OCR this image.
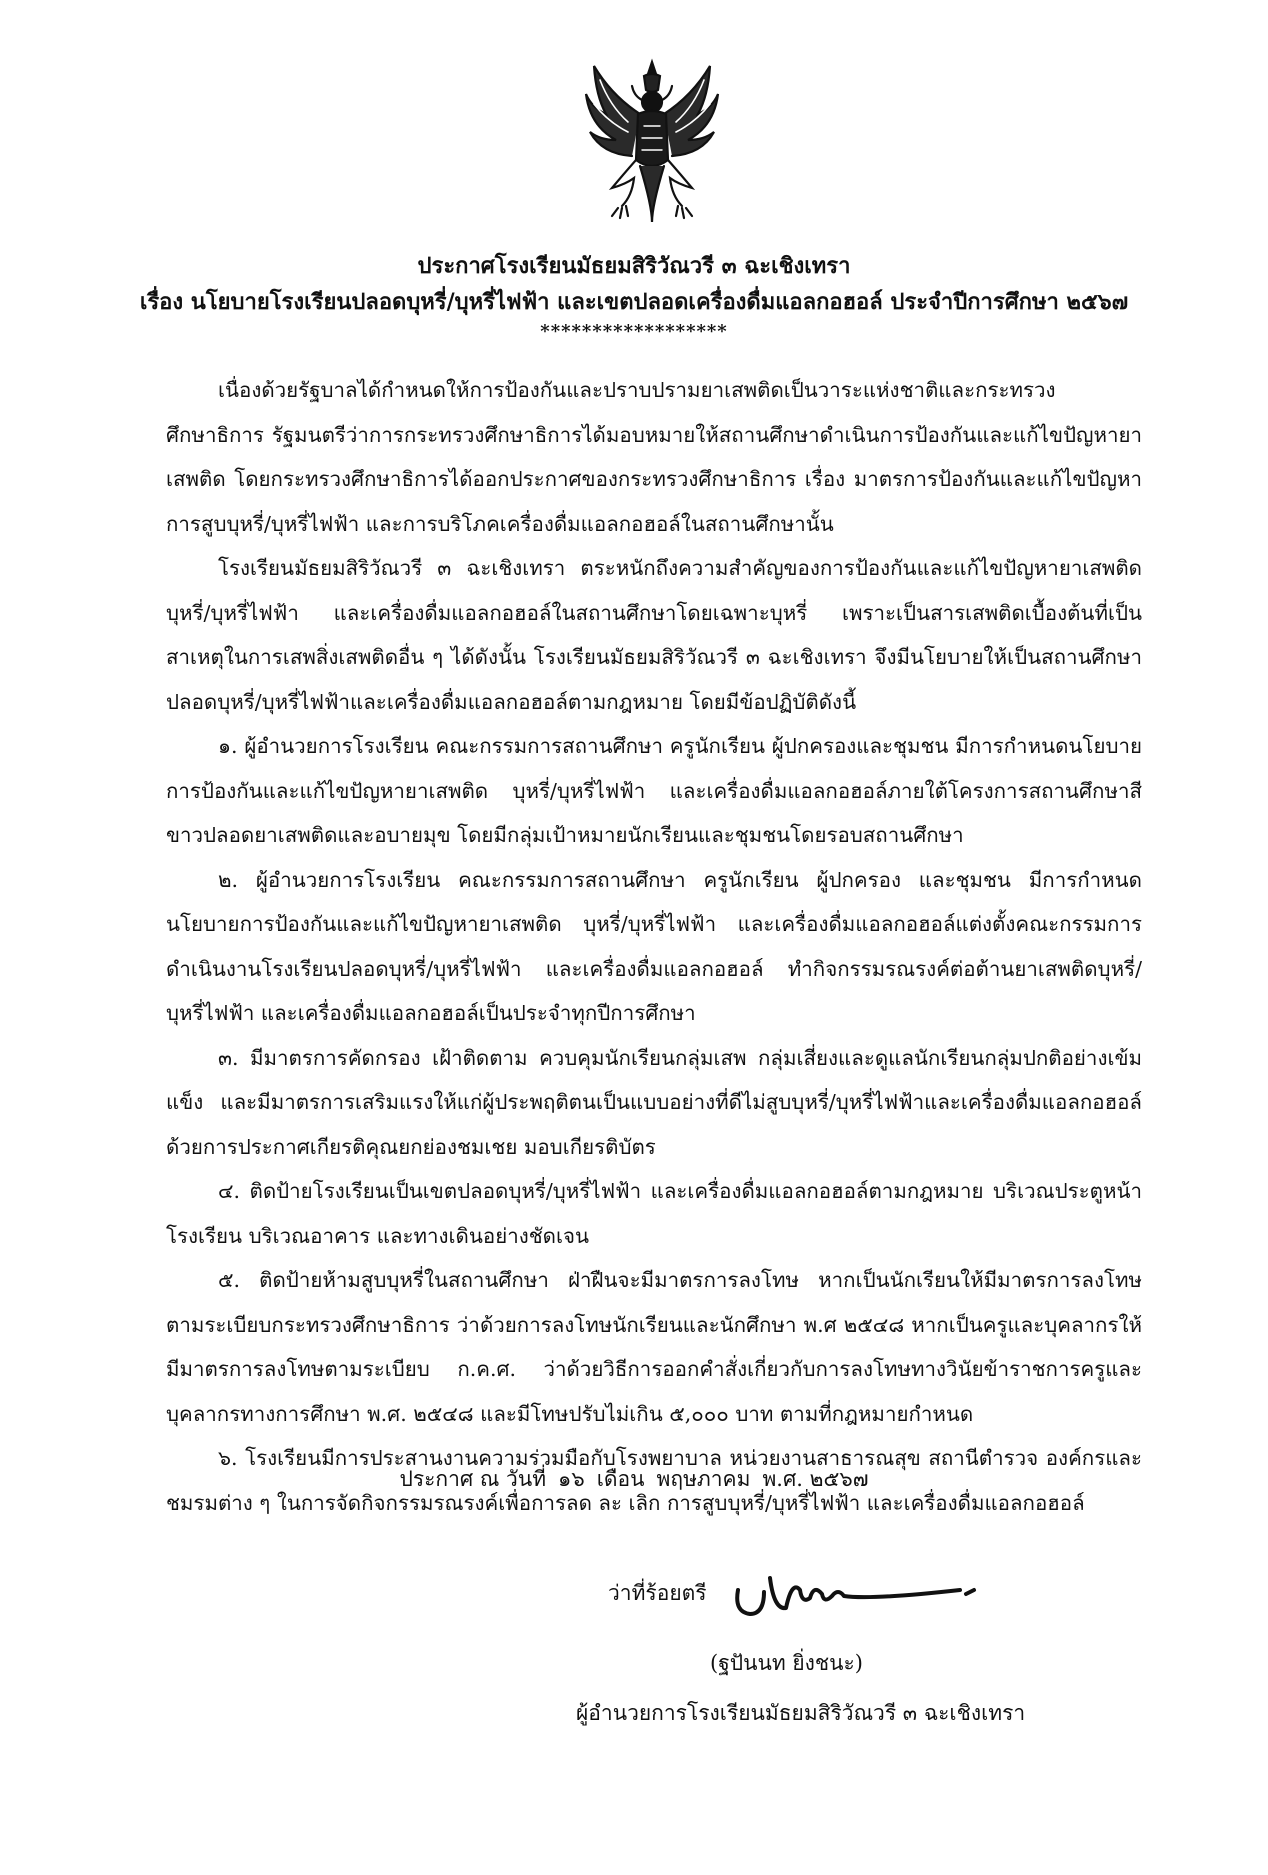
ประกาศโรงเรียนมัธยมสิริวัณวรี ๓ ฉะเชิงเทรา
เรื่อง นโยบายโรงเรียนปลอดบุหรี่/บุหรี่ไฟฟ้า และเขตปลอดเครื่องดื่มแอลกอฮอล์ ประจำปีการศึกษา ๒๕๖๗
******************

เนื่องด้วยรัฐบาลได้กำหนดให้การป้องกันและปราบปรามยาเสพติดเป็นวาระแห่งชาติและกระทรวงศึกษาธิการ รัฐมนตรีว่าการกระทรวงศึกษาธิการได้มอบหมายให้สถานศึกษาดำเนินการป้องกันและแก้ไขปัญหายาเสพติด โดยกระทรวงศึกษาธิการได้ออกประกาศของกระทรวงศึกษาธิการ เรื่อง มาตรการป้องกันและแก้ไขปัญหาการสูบบุหรี่/บุหรี่ไฟฟ้า และการบริโภคเครื่องดื่มแอลกอฮอล์ในสถานศึกษานั้น

โรงเรียนมัธยมสิริวัณวรี ๓ ฉะเชิงเทรา ตระหนักถึงความสำคัญของการป้องกันและแก้ไขปัญหายาเสพติด บุหรี่/บุหรี่ไฟฟ้า และเครื่องดื่มแอลกอฮอล์ในสถานศึกษาโดยเฉพาะบุหรี่ เพราะเป็นสารเสพติดเบื้องต้นที่เป็นสาเหตุในการเสพสิ่งเสพติดอื่น ๆ ได้ดังนั้น โรงเรียนมัธยมสิริวัณวรี ๓ ฉะเชิงเทรา จึงมีนโยบายให้เป็นสถานศึกษาปลอดบุหรี่/บุหรี่ไฟฟ้าและเครื่องดื่มแอลกอฮอล์ตามกฎหมาย โดยมีข้อปฏิบัติดังนี้

๑. ผู้อำนวยการโรงเรียน คณะกรรมการสถานศึกษา ครูนักเรียน ผู้ปกครองและชุมชน มีการกำหนดนโยบายการป้องกันและแก้ไขปัญหายาเสพติด บุหรี่/บุหรี่ไฟฟ้า และเครื่องดื่มแอลกอฮอล์ภายใต้โครงการสถานศึกษาสีขาวปลอดยาเสพติดและอบายมุข โดยมีกลุ่มเป้าหมายนักเรียนและชุมชนโดยรอบสถานศึกษา

๒. ผู้อำนวยการโรงเรียน คณะกรรมการสถานศึกษา ครูนักเรียน ผู้ปกครอง และชุมชน มีการกำหนดนโยบายการป้องกันและแก้ไขปัญหายาเสพติด บุหรี่/บุหรี่ไฟฟ้า และเครื่องดื่มแอลกอฮอล์แต่งตั้งคณะกรรมการดำเนินงานโรงเรียนปลอดบุหรี่/บุหรี่ไฟฟ้า และเครื่องดื่มแอลกอฮอล์ ทำกิจกรรมรณรงค์ต่อต้านยาเสพติดบุหรี่/บุหรี่ไฟฟ้า และเครื่องดื่มแอลกอฮอล์เป็นประจำทุกปีการศึกษา

๓. มีมาตรการคัดกรอง เฝ้าติดตาม ควบคุมนักเรียนกลุ่มเสพ กลุ่มเสี่ยงและดูแลนักเรียนกลุ่มปกติอย่างเข้มแข็ง และมีมาตรการเสริมแรงให้แก่ผู้ประพฤติตนเป็นแบบอย่างที่ดีไม่สูบบุหรี่/บุหรี่ไฟฟ้าและเครื่องดื่มแอลกอฮอล์ด้วยการประกาศเกียรติคุณยกย่องชมเชย มอบเกียรติบัตร

๔. ติดป้ายโรงเรียนเป็นเขตปลอดบุหรี่/บุหรี่ไฟฟ้า และเครื่องดื่มแอลกอฮอล์ตามกฎหมาย บริเวณประตูหน้าโรงเรียน บริเวณอาคาร และทางเดินอย่างชัดเจน

๕. ติดป้ายห้ามสูบบุหรี่ในสถานศึกษา ฝ่าฝืนจะมีมาตรการลงโทษ หากเป็นนักเรียนให้มีมาตรการลงโทษตามระเบียบกระทรวงศึกษาธิการ ว่าด้วยการลงโทษนักเรียนและนักศึกษา พ.ศ ๒๕๔๘ หากเป็นครูและบุคลากรให้มีมาตรการลงโทษตามระเบียบ ก.ค.ศ. ว่าด้วยวิธีการออกคำสั่งเกี่ยวกับการลงโทษทางวินัยข้าราชการครูและบุคลากรทางการศึกษา พ.ศ. ๒๕๔๘ และมีโทษปรับไม่เกิน ๕,๐๐๐ บาท ตามที่กฎหมายกำหนด

๖. โรงเรียนมีการประสานงานความร่วมมือกับโรงพยาบาล หน่วยงานสาธารณสุข สถานีตำรวจ องค์กรและชมรมต่าง ๆ ในการจัดกิจกรรมรณรงค์เพื่อการลด ละ เลิก การสูบบุหรี่/บุหรี่ไฟฟ้า และเครื่องดื่มแอลกอฮอล์

ประกาศ ณ วันที่ ๑๖ เดือน พฤษภาคม พ.ศ. ๒๕๖๗
ว่าที่ร้อยตรี
(ฐปันนท ยิ่งชนะ)
ผู้อำนวยการโรงเรียนมัธยมสิริวัณวรี ๓ ฉะเชิงเทรา
